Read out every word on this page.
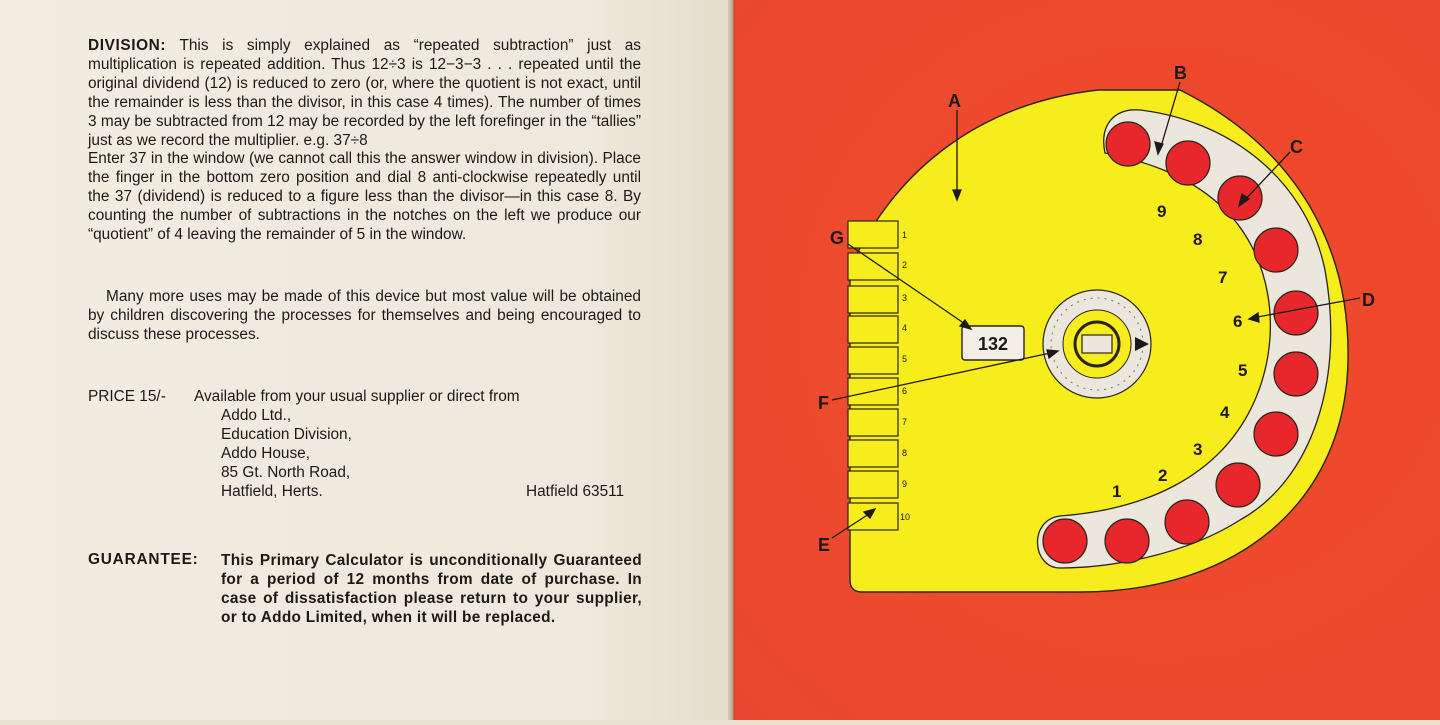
DIVISION: This is simply explained as “repeated subtraction” just as multiplication is repeated addition. Thus 12÷3 is 12−3−3 . . . repeated until the original dividend (12) is reduced to zero (or, where the quotient is not exact, until the remainder is less than the divisor, in this case 4 times). The number of times 3 may be subtracted from 12 may be recorded by the left forefinger in the “tallies” just as we record the multiplier. e.g. 37÷8
Enter 37 in the window (we cannot call this the answer window in division). Place the finger in the bottom zero position and dial 8 anti-clockwise repeatedly until the 37 (dividend) is reduced to a figure less than the divisor—in this case 8. By counting the number of subtractions in the notches on the left we produce our “quotient” of 4 leaving the remainder of 5 in the window.

Many more uses may be made of this device but most value will be obtained by children discovering the processes for themselves and being encouraged to discuss these processes.

PRICE 15/- Available from your usual supplier or direct from
Addo Ltd.,
Education Division,
Addo House,
85 Gt. North Road,
Hatfield, Herts.	Hatfield 63511
GUARANTEE: This Primary Calculator is unconditionally Guaranteed for a period of 12 months from date of purchase. In case of dissatisfaction please return to your supplier, or to Addo Limited, when it will be replaced.

1
2
3
4
5
6
7
8
9
10
1
2
3
4
5
6
7
8
9
132
A
B
C
D
E
F
G
